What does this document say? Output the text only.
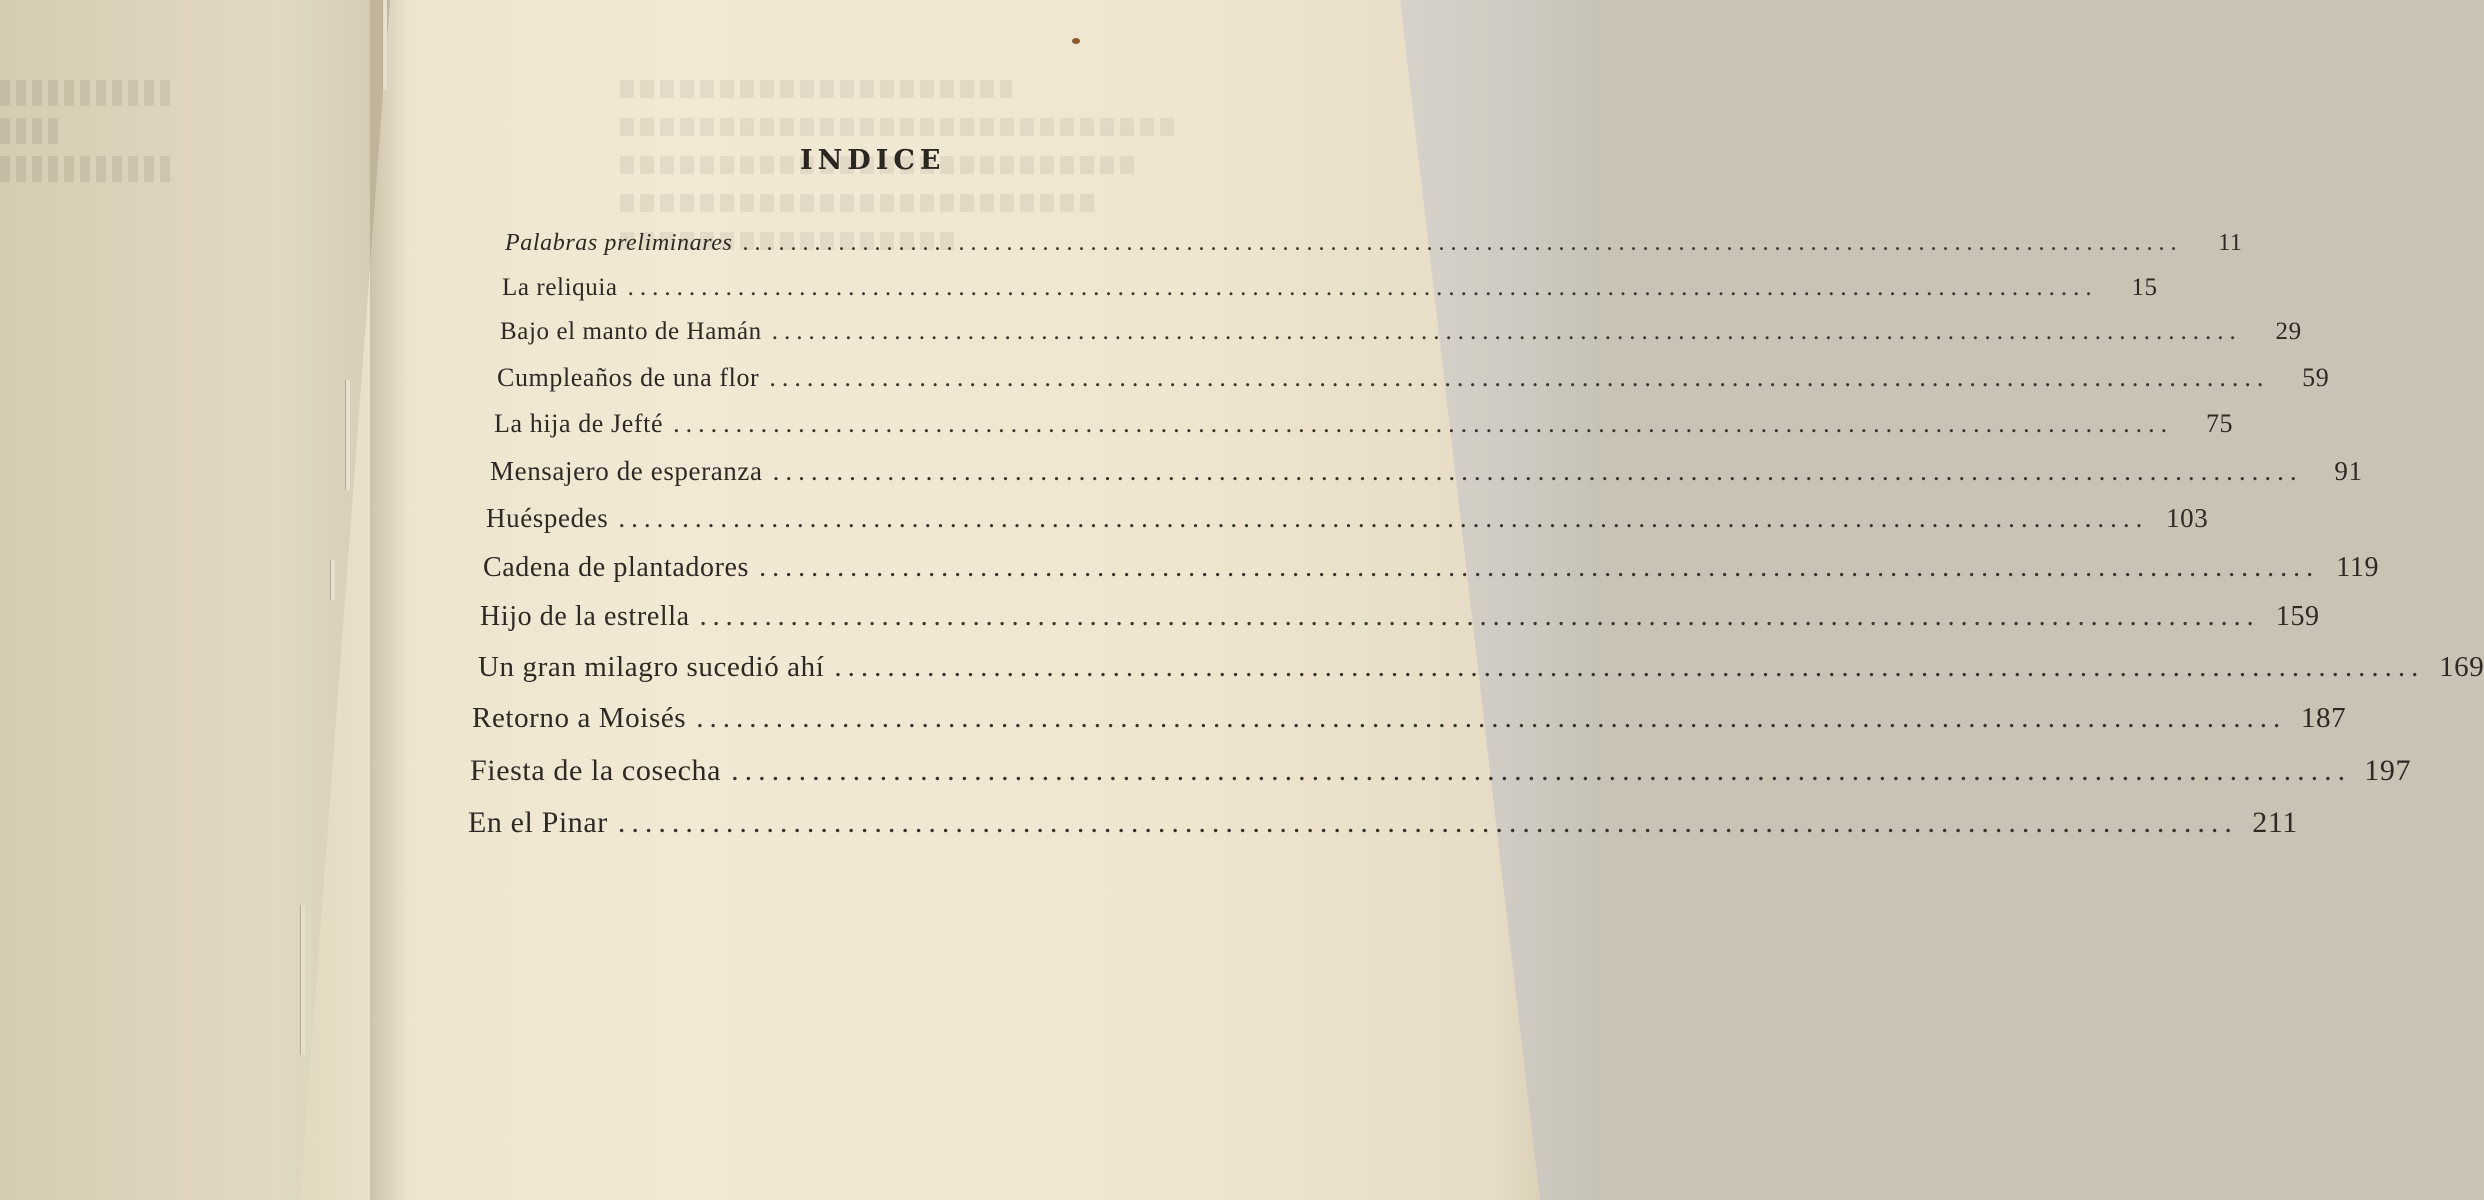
INDICE
Palabras preliminares ........................................................................................................................	11
La reliquia ........................................................................................................................	15
Bajo el manto de Hamán ........................................................................................................................	29
Cumpleaños de una flor ........................................................................................................................	59
La hija de Jefté ........................................................................................................................	75
Mensajero de esperanza ........................................................................................................................	91
Huéspedes ........................................................................................................................ 103
Cadena de plantadores ........................................................................................................................ 119
Hijo de la estrella ........................................................................................................................ 159
Un gran milagro sucedió ahí ........................................................................................................................ 169
Retorno a Moisés ........................................................................................................................ 187
Fiesta de la cosecha ........................................................................................................................ 197
En el Pinar ........................................................................................................................ 211
